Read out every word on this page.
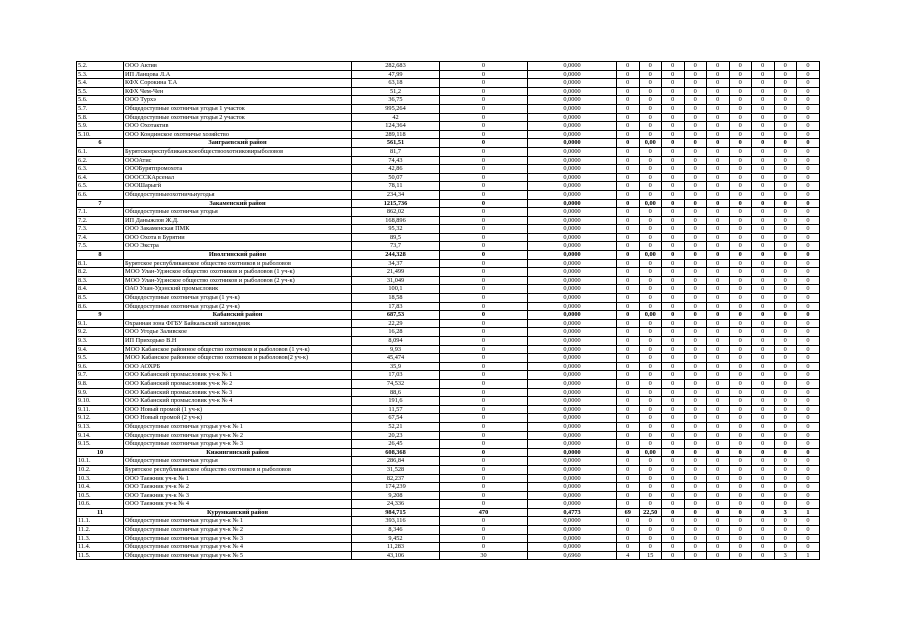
5.2.	ООО Актив	282,683	0	0,0000	0	0	0	0	0	0	0	0	0
5.3.	ИП Ланцова Л.А	47,99	0	0,0000	0	0	0	0	0	0	0	0	0
5.4.	КФХ Сорокина Т.А	63,18	0	0,0000	0	0	0	0	0	0	0	0	0
5.5.	КФХ Чем-Чен	51,2	0	0,0000	0	0	0	0	0	0	0	0	0
5.6.	ООО Турхэ	36,75	0	0,0000	0	0	0	0	0	0	0	0	0
5.7.	Общедоступные охотничьи угодья 1 участок	995,264	0	0,0000	0	0	0	0	0	0	0	0	0
5.8.	Общедоступные охотничьи угодья 2 участок	42	0	0,0000	0	0	0	0	0	0	0	0	0
5.9.	ООО Охотактив	124,364	0	0,0000	0	0	0	0	0	0	0	0	0
5.10.	ООО Кондинское охотничье хозяйство	289,118	0	0,0000	0	0	0	0	0	0	0	0	0
6	Заиграевский район	561,51	0	0,0000	0	0,00	0	0	0	0	0	0	0
6.1.	Бурятскоереспубликанскоеобществоохотниковирыболовов	81,7	0	0,0000	0	0	0	0	0	0	0	0	0
6.2.	ОООАтис	74,43	0	0,0000	0	0	0	0	0	0	0	0	0
6.3.	ОООБурятпромохота	42,86	0	0,0000	0	0	0	0	0	0	0	0	0
6.4.	ОООССКАрсенал	50,07	0	0,0000	0	0	0	0	0	0	0	0	0
6.5.	ОООШарыгй	78,11	0	0,0000	0	0	0	0	0	0	0	0	0
6.6.	Общедоступныеохотничьиугодья	234,34	0	0,0000	0	0	0	0	0	0	0	0	0
7	Закаменский район	1215,736	0	0,0000	0	0,00	0	0	0	0	0	0	0
7.1.	Общедоступные охотничьи угодья	862,02	0	0,0000	0	0	0	0	0	0	0	0	0
7.2.	ИП Даныжлов Ж.Д.	168,896	0	0,0000	0	0	0	0	0	0	0	0	0
7.3.	ООО Закаменская ПМК	95,32	0	0,0000	0	0	0	0	0	0	0	0	0
7.4.	ООО Охота в Бурятии	89,5	0	0,0000	0	0	0	0	0	0	0	0	0
7.5.	ООО Экстра	73,7	0	0,0000	0	0	0	0	0	0	0	0	0
8	Иволгинский район	244,328	0	0,0000	0	0,00	0	0	0	0	0	0	0
8.1.	Бурятское республиканское общество охотников и рыболовов	34,37	0	0,0000	0	0	0	0	0	0	0	0	0
8.2.	МОО Улан-Удэнское общество охотников и рыболовов (1 уч-к)	21,499	0	0,0000	0	0	0	0	0	0	0	0	0
8.3.	МОО Улан-Удэнское общество охотников и рыболовов (2 уч-к)	31,049	0	0,0000	0	0	0	0	0	0	0	0	0
8.4.	ОАО Улан-Удэнский промысловик	100,1	0	0,0000	0	0	0	0	0	0	0	0	0
8.5.	Общедоступные охотничьи угодья (1 уч-к)	18,58	0	0,0000	0	0	0	0	0	0	0	0	0
8.6.	Общедоступные охотничьи угодья (2 уч-к)	17,83	0	0,0000	0	0	0	0	0	0	0	0	0
9	Кабанский район	687,53	0	0,0000	0	0,00	0	0	0	0	0	0	0
9.1.	Охранная зона ФГБУ Байкальский заповедник	22,29	0	0,0000	0	0	0	0	0	0	0	0	0
9.2.	ООО Угодье Заливское	16,28	0	0,0000	0	0	0	0	0	0	0	0	0
9.3.	ИП Приходько В.Н	8,094	0	0,0000	0	0	0	0	0	0	0	0	0
9.4.	МОО Кабанское районное общество охотников и рыболовов (1 уч-к)	9,93	0	0,0000	0	0	0	0	0	0	0	0	0
9.5.	МОО Кабанское районное общество охотников и рыболовов(2 уч-к)	45,474	0	0,0000	0	0	0	0	0	0	0	0	0
9.6.	ООО АОХРБ	35,9	0	0,0000	0	0	0	0	0	0	0	0	0
9.7.	ООО Кабанский промысловик уч-к № 1	17,03	0	0,0000	0	0	0	0	0	0	0	0	0
9.8.	ООО Кабанский промысловик уч-к № 2	74,532	0	0,0000	0	0	0	0	0	0	0	0	0
9.9.	ООО Кабанский промысловик уч-к № 3	88,6	0	0,0000	0	0	0	0	0	0	0	0	0
9.10.	ООО Кабанский промысловик уч-к № 4	191,6	0	0,0000	0	0	0	0	0	0	0	0	0
9.11.	ООО Новый промой (1 уч-к)	11,57	0	0,0000	0	0	0	0	0	0	0	0	0
9.12.	ООО Новый промой (2 уч-к)	67,54	0	0,0000	0	0	0	0	0	0	0	0	0
9.13.	Общедоступные охотничьи угодья уч-к № 1	52,21	0	0,0000	0	0	0	0	0	0	0	0	0
9.14.	Общедоступные охотничьи угодья уч-к № 2	20,23	0	0,0000	0	0	0	0	0	0	0	0	0
9.15.	Общедоступные охотничьи угодья уч-к № 3	26,45	0	0,0000	0	0	0	0	0	0	0	0	0
10	Кижингинский район	608,368	0	0,0000	0	0,00	0	0	0	0	0	0	0
10.1.	Общедоступные охотничьи угодья	286,84	0	0,0000	0	0	0	0	0	0	0	0	0
10.2.	Бурятское республиканское общество охотников и рыболовов	31,528	0	0,0000	0	0	0	0	0	0	0	0	0
10.3.	ООО Таежник уч-к № 1	82,237	0	0,0000	0	0	0	0	0	0	0	0	0
10.4.	ООО Таежник уч-к № 2	174,239	0	0,0000	0	0	0	0	0	0	0	0	0
10.5.	ООО Таежник уч-к № 3	9,208	0	0,0000	0	0	0	0	0	0	0	0	0
10.6.	ООО Таежник уч-к № 4	24,336	0	0,0000	0	0	0	0	0	0	0	0	0
11	Курумканский район	984,715	470	0,4773	69	22,50	0	0	0	0	0	3	1
11.1.	Общедоступные охотничьи угодья уч-к № 1	393,116	0	0,0000	0	0	0	0	0	0	0	0	0
11.2.	Общедоступные охотничьи угодья уч-к № 2	8,346	0	0,0000	0	0	0	0	0	0	0	0	0
11.3.	Общедоступные охотничьи угодья уч-к № 3	9,452	0	0,0000	0	0	0	0	0	0	0	0	0
11.4.	Общедоступные охотничьи угодья уч-к № 4	11,283	0	0,0000	0	0	0	0	0	0	0	0	0
11.5.	Общедоступные охотничьи угодья уч-к № 5	43,106	30	0,6960	4	15	0	0	0	0	0	3	1
